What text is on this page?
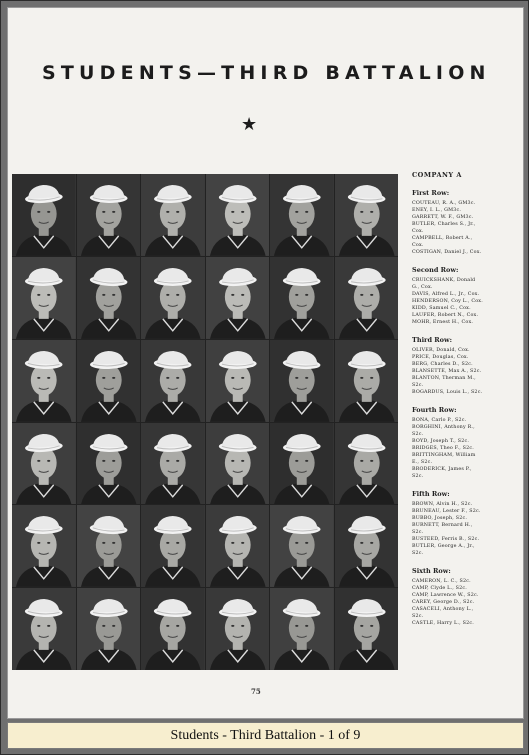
STUDENTS—THIRD BATTALION
★
COMPANY A
First Row:
COUTEAU, R. A., GM3c.
ENEY, I. L., GM3c.
GARRETT, W. F., GM3c.
BUTLER, Charles S., Jr.,
Cox.
CAMPBELL, Robert A.,
Cox.
COSTIGAN, Daniel J., Cox.
Second Row:
CRUICKSHANK, Donald
G., Cox.
DAVIS, Alfred L., Jr., Cox.
HENDERSON, Coy L., Cox.
KIDD, Samuel C., Cox.
LAUFER, Robert N., Cox.
MOHR, Ernest H., Cox.
Third Row:
OLIVER, Donald, Cox.
PRICE, Douglas, Cox.
BERG, Charles D., S2c.
BLANSETTE, Max A., S2c.
BLANTON, Therman M.,
S2c.
BOGARDUS, Louis L., S2c.
Fourth Row:
BONA, Carlo P., S2c.
BORGHINI, Anthony R.,
S2c.
BOYD, Joseph T., S2c.
BRIDGES, Theo F., S2c.
BRITTINGHAM, William
E., S2c.
BRODERICK, James P.,
S2c.
Fifth Row:
BROWN, Alvin H., S2c.
BRUNEAU, Lester F., S2c.
BUBBO, Joseph, S2c.
BURNETT, Bernard H.,
S2c.
BUSTEED, Ferris B., S2c.
BUTLER, George A., Jr.,
S2c.
Sixth Row:
CAMERON, L. C., S2c.
CAMP, Clyde L., S2c.
CAMP, Lawrence W., S2c.
CAREY, George D., S2c.
CASACELI, Anthony L.,
S2c.
CASTLE, Harry L., S2c.
75
Students - Third Battalion - 1 of 9
